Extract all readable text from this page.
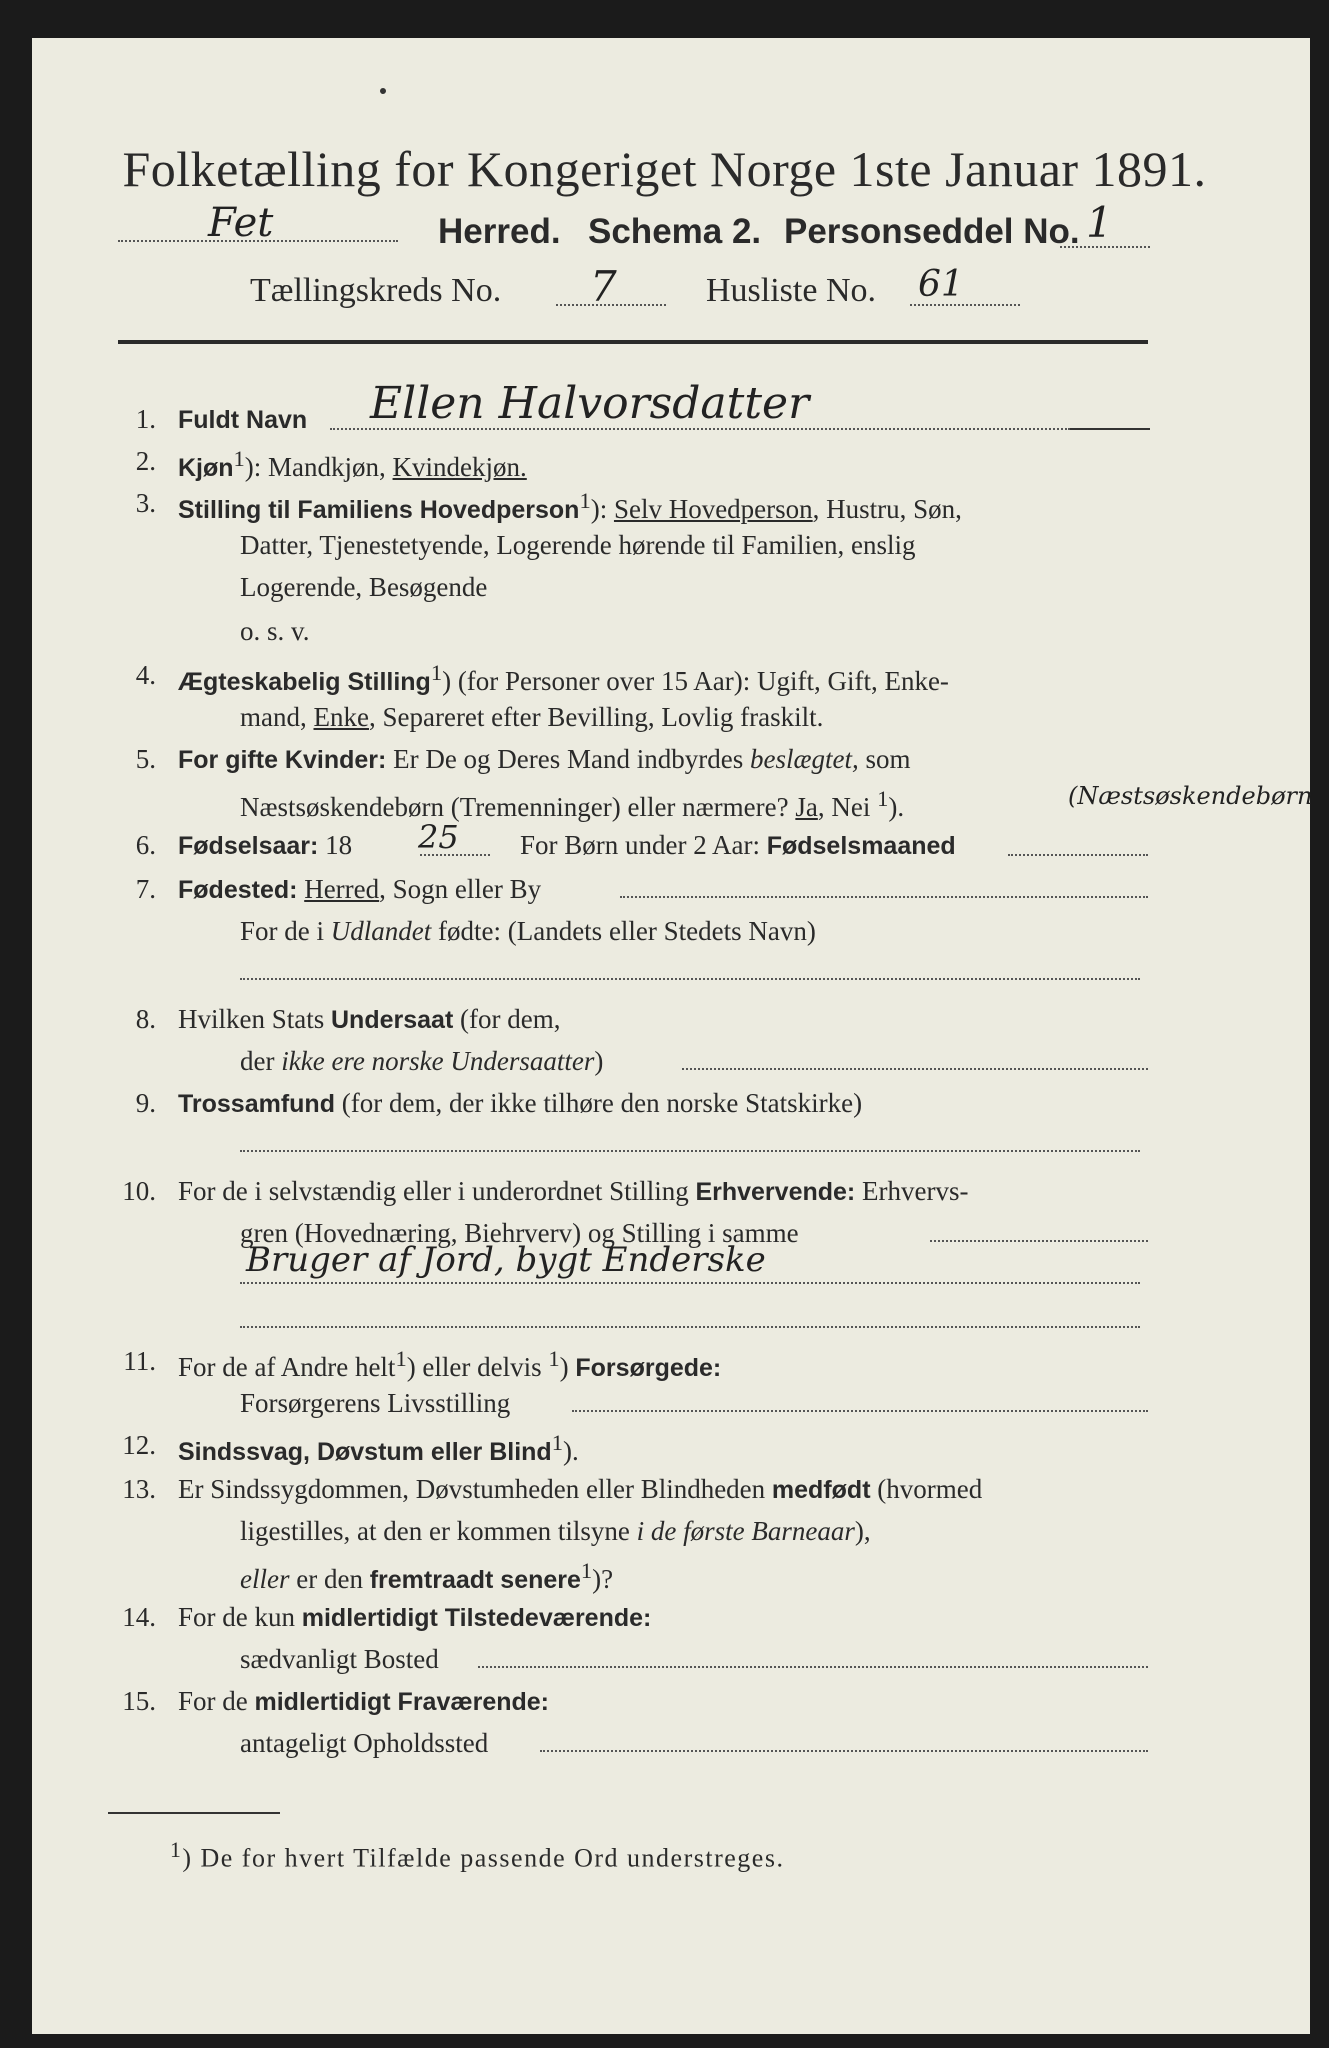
Folketælling for Kongeriget Norge 1ste Januar 1891.
Fet	Herred. Schema 2. Personseddel No. 1
Tællingskreds No. 7	Husliste No. 61
1. Fuldt Navn Ellen Halvorsdatter
2. Kjøn$^1$): Mandkjøn, Kvindekjøn.
3. Stilling til Familiens Hovedperson$^1$): Selv Hovedperson, Hustru, Søn,
Datter, Tjenestetyende, Logerende hørende til Familien, enslig
Logerende, Besøgende
o. s. v.
4. Ægteskabelig Stilling$^1$) (for Personer over 15 Aar): Ugift, Gift, Enke-
mand, Enke, Separeret efter Bevilling, Lovlig fraskilt.
5. For gifte Kvinder: Er De og Deres Mand indbyrdes beslægtet, som
Næstsøskendebørn (Tremenninger) eller nærmere? Ja, Nei $^1$).	(Næstsøskendebørn
6. Fødselsaar: 18 25 For Børn under 2 Aar: Fødselsmaaned
7. Fødested: Herred, Sogn eller By
For de i Udlandet fødte: (Landets eller Stedets Navn)
8. Hvilken Stats Undersaat (for dem,
der ikke ere norske Undersaatter)
9. Trossamfund (for dem, der ikke tilhøre den norske Statskirke)
10. For de i selvstændig eller i underordnet Stilling Erhvervende: Erhvervs-
gren (Hovednæring, Biehrverv) og Stilling i samme
Bruger af Jord, bygt Enderske
11. For de af Andre helt$^1$) eller delvis $^1$) Forsørgede:
Forsørgerens Livsstilling
12. Sindssvag, Døvstum eller Blind$^1$).
13. Er Sindssygdommen, Døvstumheden eller Blindheden medfødt (hvormed
ligestilles, at den er kommen tilsyne i de første Barneaar),
eller er den fremtraadt senere$^1$)?
14. For de kun midlertidigt Tilstedeværende:
sædvanligt Bosted
15. For de midlertidigt Fraværende:
antageligt Opholdssted
$^1$) De for hvert Tilfælde passende Ord understreges.
